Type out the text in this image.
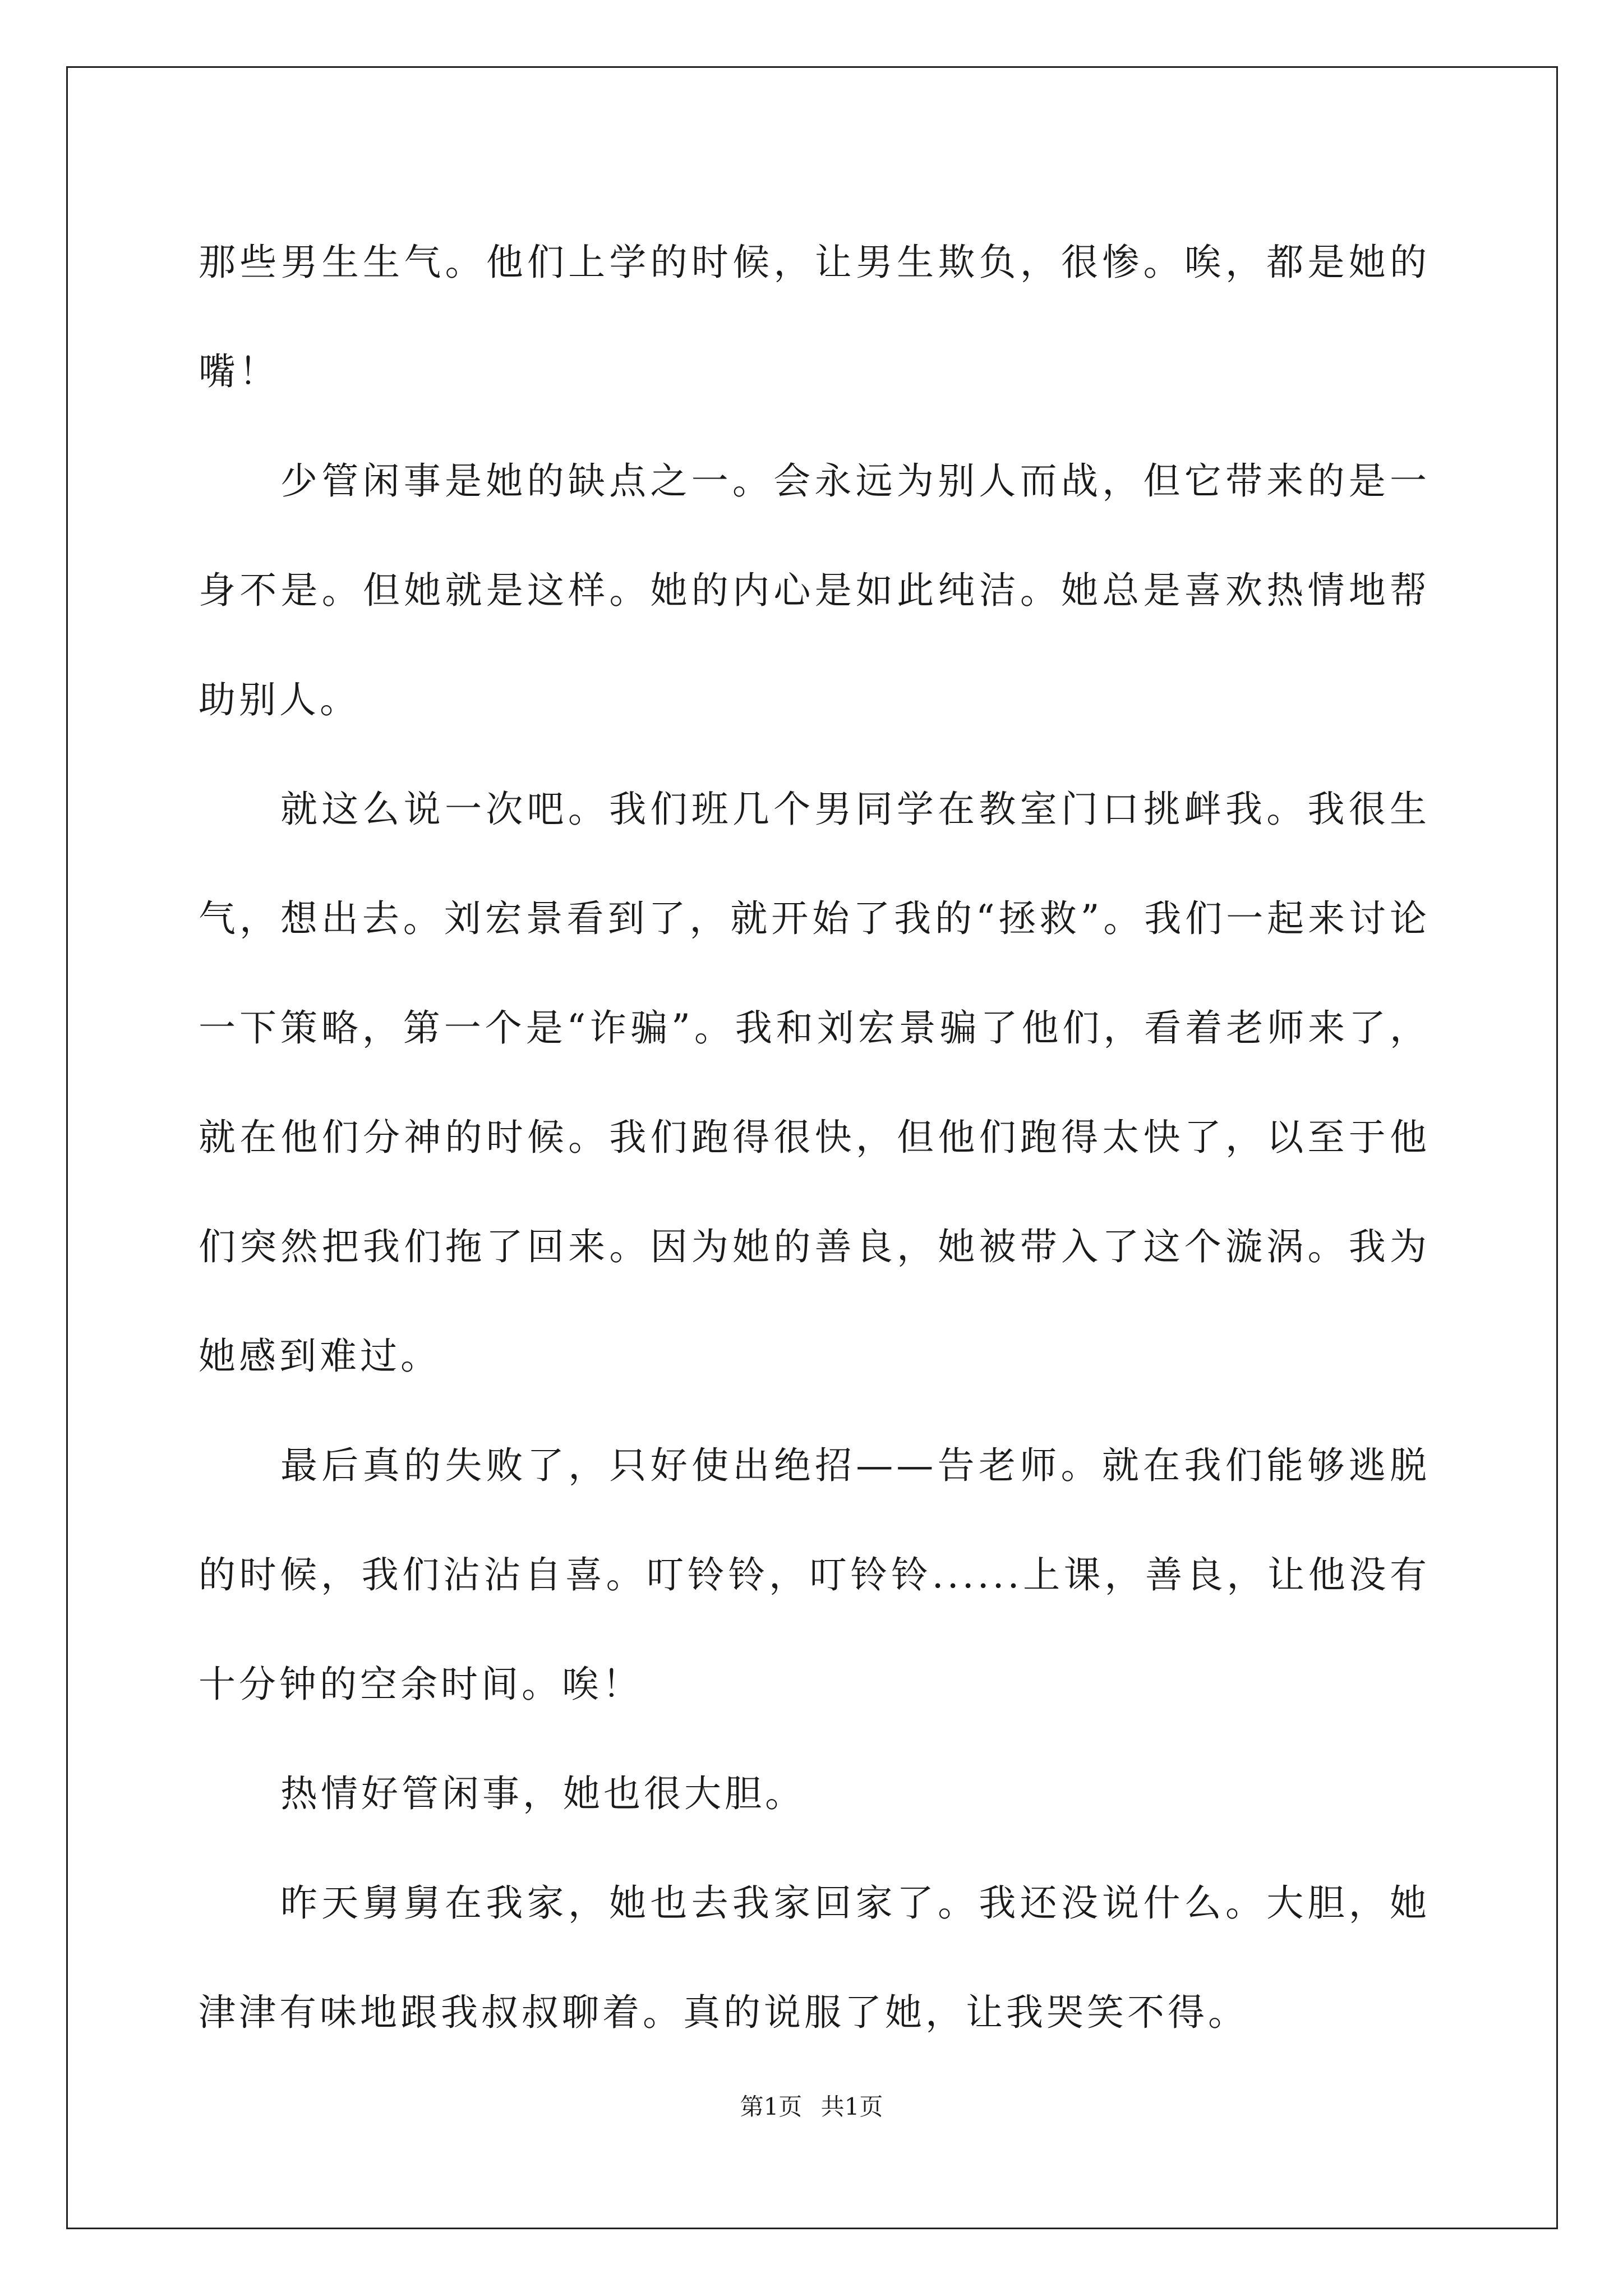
那些男生生气。他们上学的时候，让男生欺负，很惨。唉，都是她的嘴！

少管闲事是她的缺点之一。会永远为别人而战，但它带来的是一身不是。但她就是这样。她的内心是如此纯洁。她总是喜欢热情地帮助别人。

就这么说一次吧。我们班几个男同学在教室门口挑衅我。我很生气，想出去。刘宏景看到了，就开始了我的“拯救”。我们一起来讨论一下策略，第一个是“诈骗”。我和刘宏景骗了他们，看着老师来了，就在他们分神的时候。我们跑得很快，但他们跑得太快了，以至于他们突然把我们拖了回来。因为她的善良，她被带入了这个漩涡。我为她感到难过。

最后真的失败了，只好使出绝招——告老师。就在我们能够逃脱的时候，我们沾沾自喜。叮铃铃，叮铃铃......上课，善良，让他没有十分钟的空余时间。唉！

热情好管闲事，她也很大胆。

昨天舅舅在我家，她也去我家回家了。我还没说什么。大胆，她津津有味地跟我叔叔聊着。真的说服了她，让我哭笑不得。

第1页 共1页
